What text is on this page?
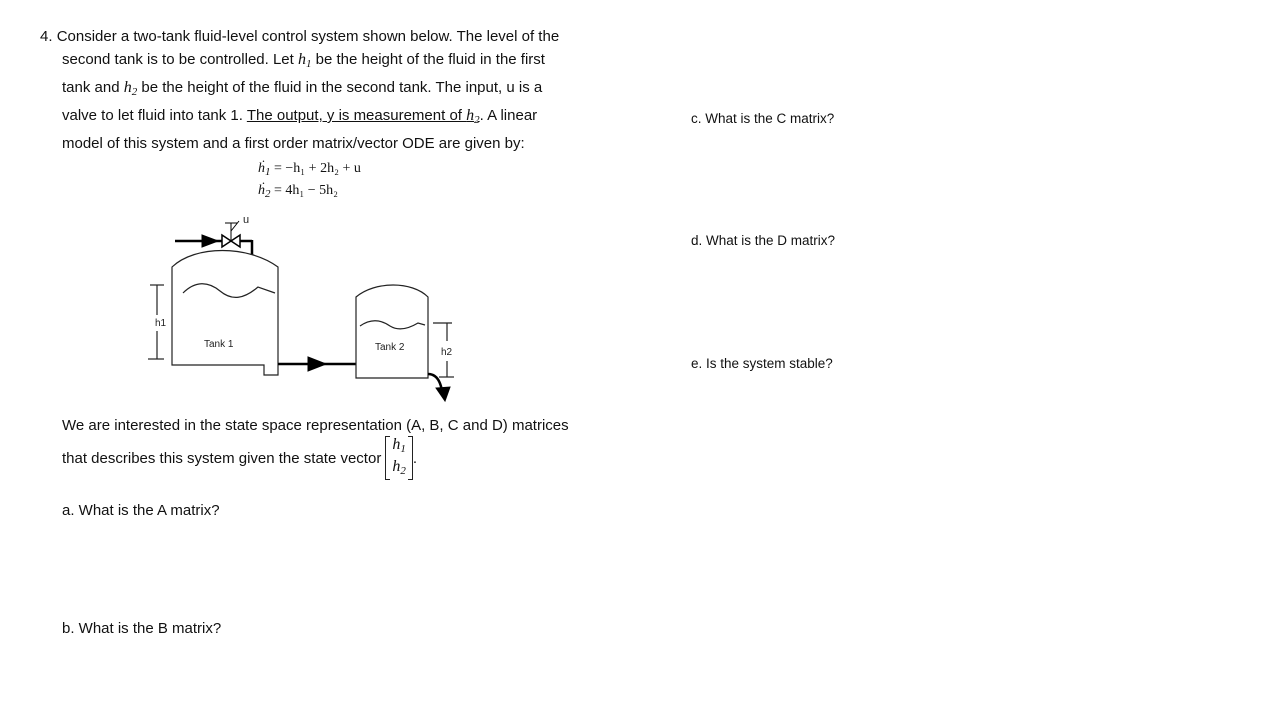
4. Consider a two-tank fluid-level control system shown below. The level of the
second tank is to be controlled. Let $h_1$ be the height of the fluid in the first
tank and $h_2$ be the height of the fluid in the second tank. The input, u is a
valve to let fluid into tank 1. The output, y is measurement of $h_2$. A linear
model of this system and a first order matrix/vector ODE are given by:
ḣ$_1$ = −h₁ + 2h₂ + u
ḣ$_2$ = 4h₁ − 5h₂
u
Tank 1
h1
Tank 2	h2
We are interested in the state space representation (A, B, C and D) matrices
that describes this system given the state vector
$h_1$
$h_2$
.
a. What is the A matrix?
b. What is the B matrix?
c. What is the C matrix?
d. What is the D matrix?
e. Is the system stable?
